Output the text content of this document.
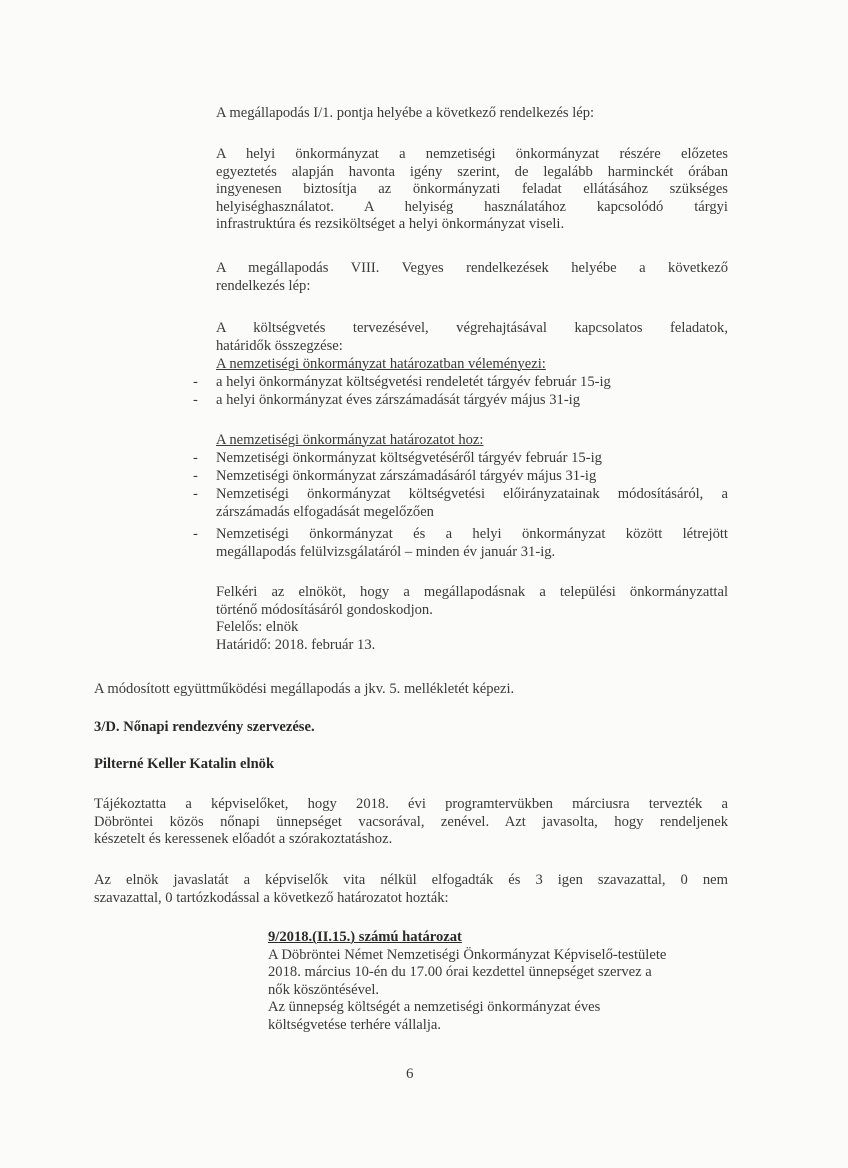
A megállapodás I/1. pontja helyébe a következő rendelkezés lép:
A helyi önkormányzat a nemzetiségi önkormányzat részére előzetes
egyeztetés alapján havonta igény szerint, de legalább harminckét órában
ingyenesen biztosítja az önkormányzati feladat ellátásához szükséges
helyiséghasználatot. A helyiség használatához kapcsolódó tárgyi
infrastruktúra és rezsiköltséget a helyi önkormányzat viseli.
A megállapodás VIII. Vegyes rendelkezések helyébe a következő
rendelkezés lép:
A költségvetés tervezésével, végrehajtásával kapcsolatos feladatok,
határidők összegzése:
A nemzetiségi önkormányzat határozatban véleményezi:
- a helyi önkormányzat költségvetési rendeletét tárgyév február 15-ig
- a helyi önkormányzat éves zárszámadását tárgyév május 31-ig
A nemzetiségi önkormányzat határozatot hoz:
- Nemzetiségi önkormányzat költségvetéséről tárgyév február 15-ig
- Nemzetiségi önkormányzat zárszámadásáról tárgyév május 31-ig
- Nemzetiségi önkormányzat költségvetési előirányzatainak módosításáról, a
zárszámadás elfogadását megelőzően
- Nemzetiségi önkormányzat és a helyi önkormányzat között létrejött
megállapodás felülvizsgálatáról – minden év január 31-ig.
Felkéri az elnököt, hogy a megállapodásnak a települési önkormányzattal
történő módosításáról gondoskodjon.
Felelős: elnök
Határidő: 2018. február 13.
A módosított együttműködési megállapodás a jkv. 5. mellékletét képezi.
3/D. Nőnapi rendezvény szervezése.
Pilterné Keller Katalin elnök
Tájékoztatta a képviselőket, hogy 2018. évi programtervükben márciusra tervezték a
Döbröntei közös nőnapi ünnepséget vacsorával, zenével. Azt javasolta, hogy rendeljenek
készetelt és keressenek előadót a szórakoztatáshoz.
Az elnök javaslatát a képviselők vita nélkül elfogadták és 3 igen szavazattal, 0 nem
szavazattal, 0 tartózkodással a következő határozatot hozták:
9/2018.(II.15.) számú határozat
A Döbröntei Német Nemzetiségi Önkormányzat Képviselő-testülete
2018. március 10-én du 17.00 órai kezdettel ünnepséget szervez a
nők köszöntésével.
Az ünnepség költségét a nemzetiségi önkormányzat éves
költségvetése terhére vállalja.
6
